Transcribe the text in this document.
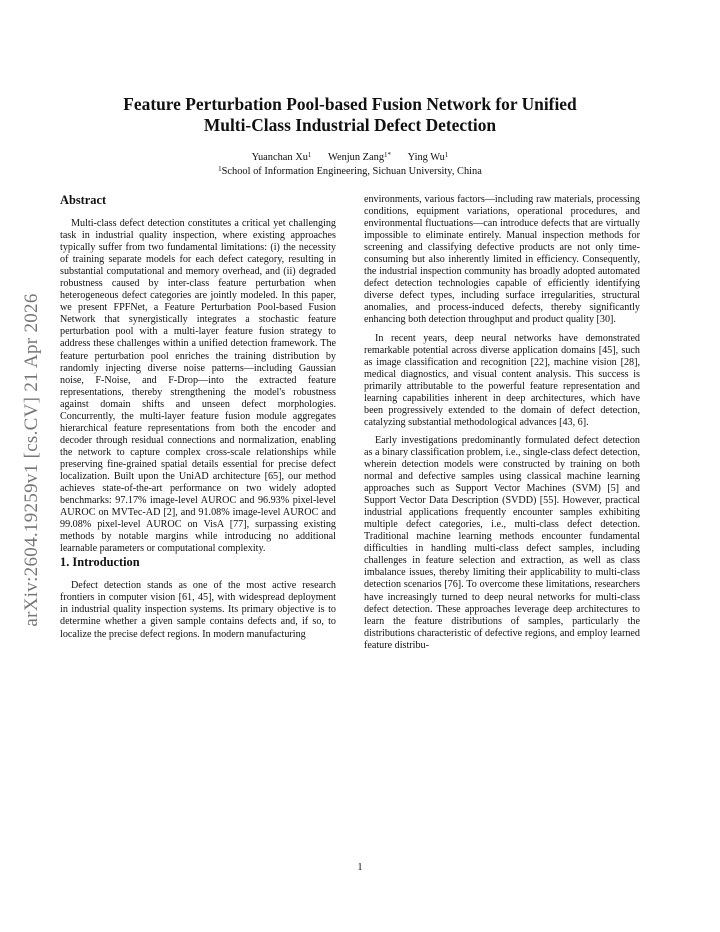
arXiv:2604.19259v1 [cs.CV] 21 Apr 2026
Feature Perturbation Pool-based Fusion Network for Unified
Multi-Class Industrial Defect Detection
Yuanchan Xu$^1$ Wenjun Zang$^{1*}$ Ying Wu$^1$
$^1$School of Information Engineering, Sichuan University, China
Abstract

Multi-class defect detection constitutes a critical yet challenging task in industrial quality inspection, where existing approaches typically suffer from two fundamental limitations: (i) the necessity of training separate models for each defect category, resulting in substantial computational and memory overhead, and (ii) degraded robustness caused by inter-class feature perturbation when heterogeneous defect categories are jointly modeled. In this paper, we present FPFNet, a Feature Perturbation Pool-based Fusion Network that synergistically integrates a stochastic feature perturbation pool with a multi-layer feature fusion strategy to address these challenges within a unified detection framework. The feature perturbation pool enriches the training distribution by randomly injecting diverse noise patterns—including Gaussian noise, F-Noise, and F-Drop—into the extracted feature representations, thereby strengthening the model's robustness against domain shifts and unseen defect morphologies. Concurrently, the multi-layer feature fusion module aggregates hierarchical feature representations from both the encoder and decoder through residual connections and normalization, enabling the network to capture complex cross-scale relationships while preserving fine-grained spatial details essential for precise defect localization. Built upon the UniAD architecture [65], our method achieves state-of-the-art performance on two widely adopted benchmarks: 97.17% image-level AUROC and 96.93% pixel-level AUROC on MVTec-AD [2], and 91.08% image-level AUROC and 99.08% pixel-level AUROC on VisA [77], surpassing existing methods by notable margins while introducing no additional learnable parameters or computational complexity.

1. Introduction

Defect detection stands as one of the most active research frontiers in computer vision [61, 45], with widespread deployment in industrial quality inspection systems. Its primary objective is to determine whether a given sample contains defects and, if so, to localize the precise defect regions. In modern manufacturing

environments, various factors—including raw materials, processing conditions, equipment variations, operational procedures, and environmental fluctuations—can introduce defects that are virtually impossible to eliminate entirely. Manual inspection methods for screening and classifying defective products are not only time-consuming but also inherently limited in efficiency. Consequently, the industrial inspection community has broadly adopted automated defect detection technologies capable of efficiently identifying diverse defect types, including surface irregularities, structural anomalies, and process-induced defects, thereby significantly enhancing both detection throughput and product quality [30].

In recent years, deep neural networks have demonstrated remarkable potential across diverse application domains [45], such as image classification and recognition [22], machine vision [28], medical diagnostics, and visual content analysis. This success is primarily attributable to the powerful feature representation and learning capabilities inherent in deep architectures, which have been progressively extended to the domain of defect detection, catalyzing substantial methodological advances [43, 6].

Early investigations predominantly formulated defect detection as a binary classification problem, i.e., single-class defect detection, wherein detection models were constructed by training on both normal and defective samples using classical machine learning approaches such as Support Vector Machines (SVM) [5] and Support Vector Data Description (SVDD) [55]. However, practical industrial applications frequently encounter samples exhibiting multiple defect categories, i.e., multi-class defect detection. Traditional machine learning methods encounter fundamental difficulties in handling multi-class defect samples, including challenges in feature selection and extraction, as well as class imbalance issues, thereby limiting their applicability to multi-class detection scenarios [76]. To overcome these limitations, researchers have increasingly turned to deep neural networks for multi-class defect detection. These approaches leverage deep architectures to learn the feature distributions of samples, particularly the distributions characteristic of defective regions, and employ learned feature distribu-

1
